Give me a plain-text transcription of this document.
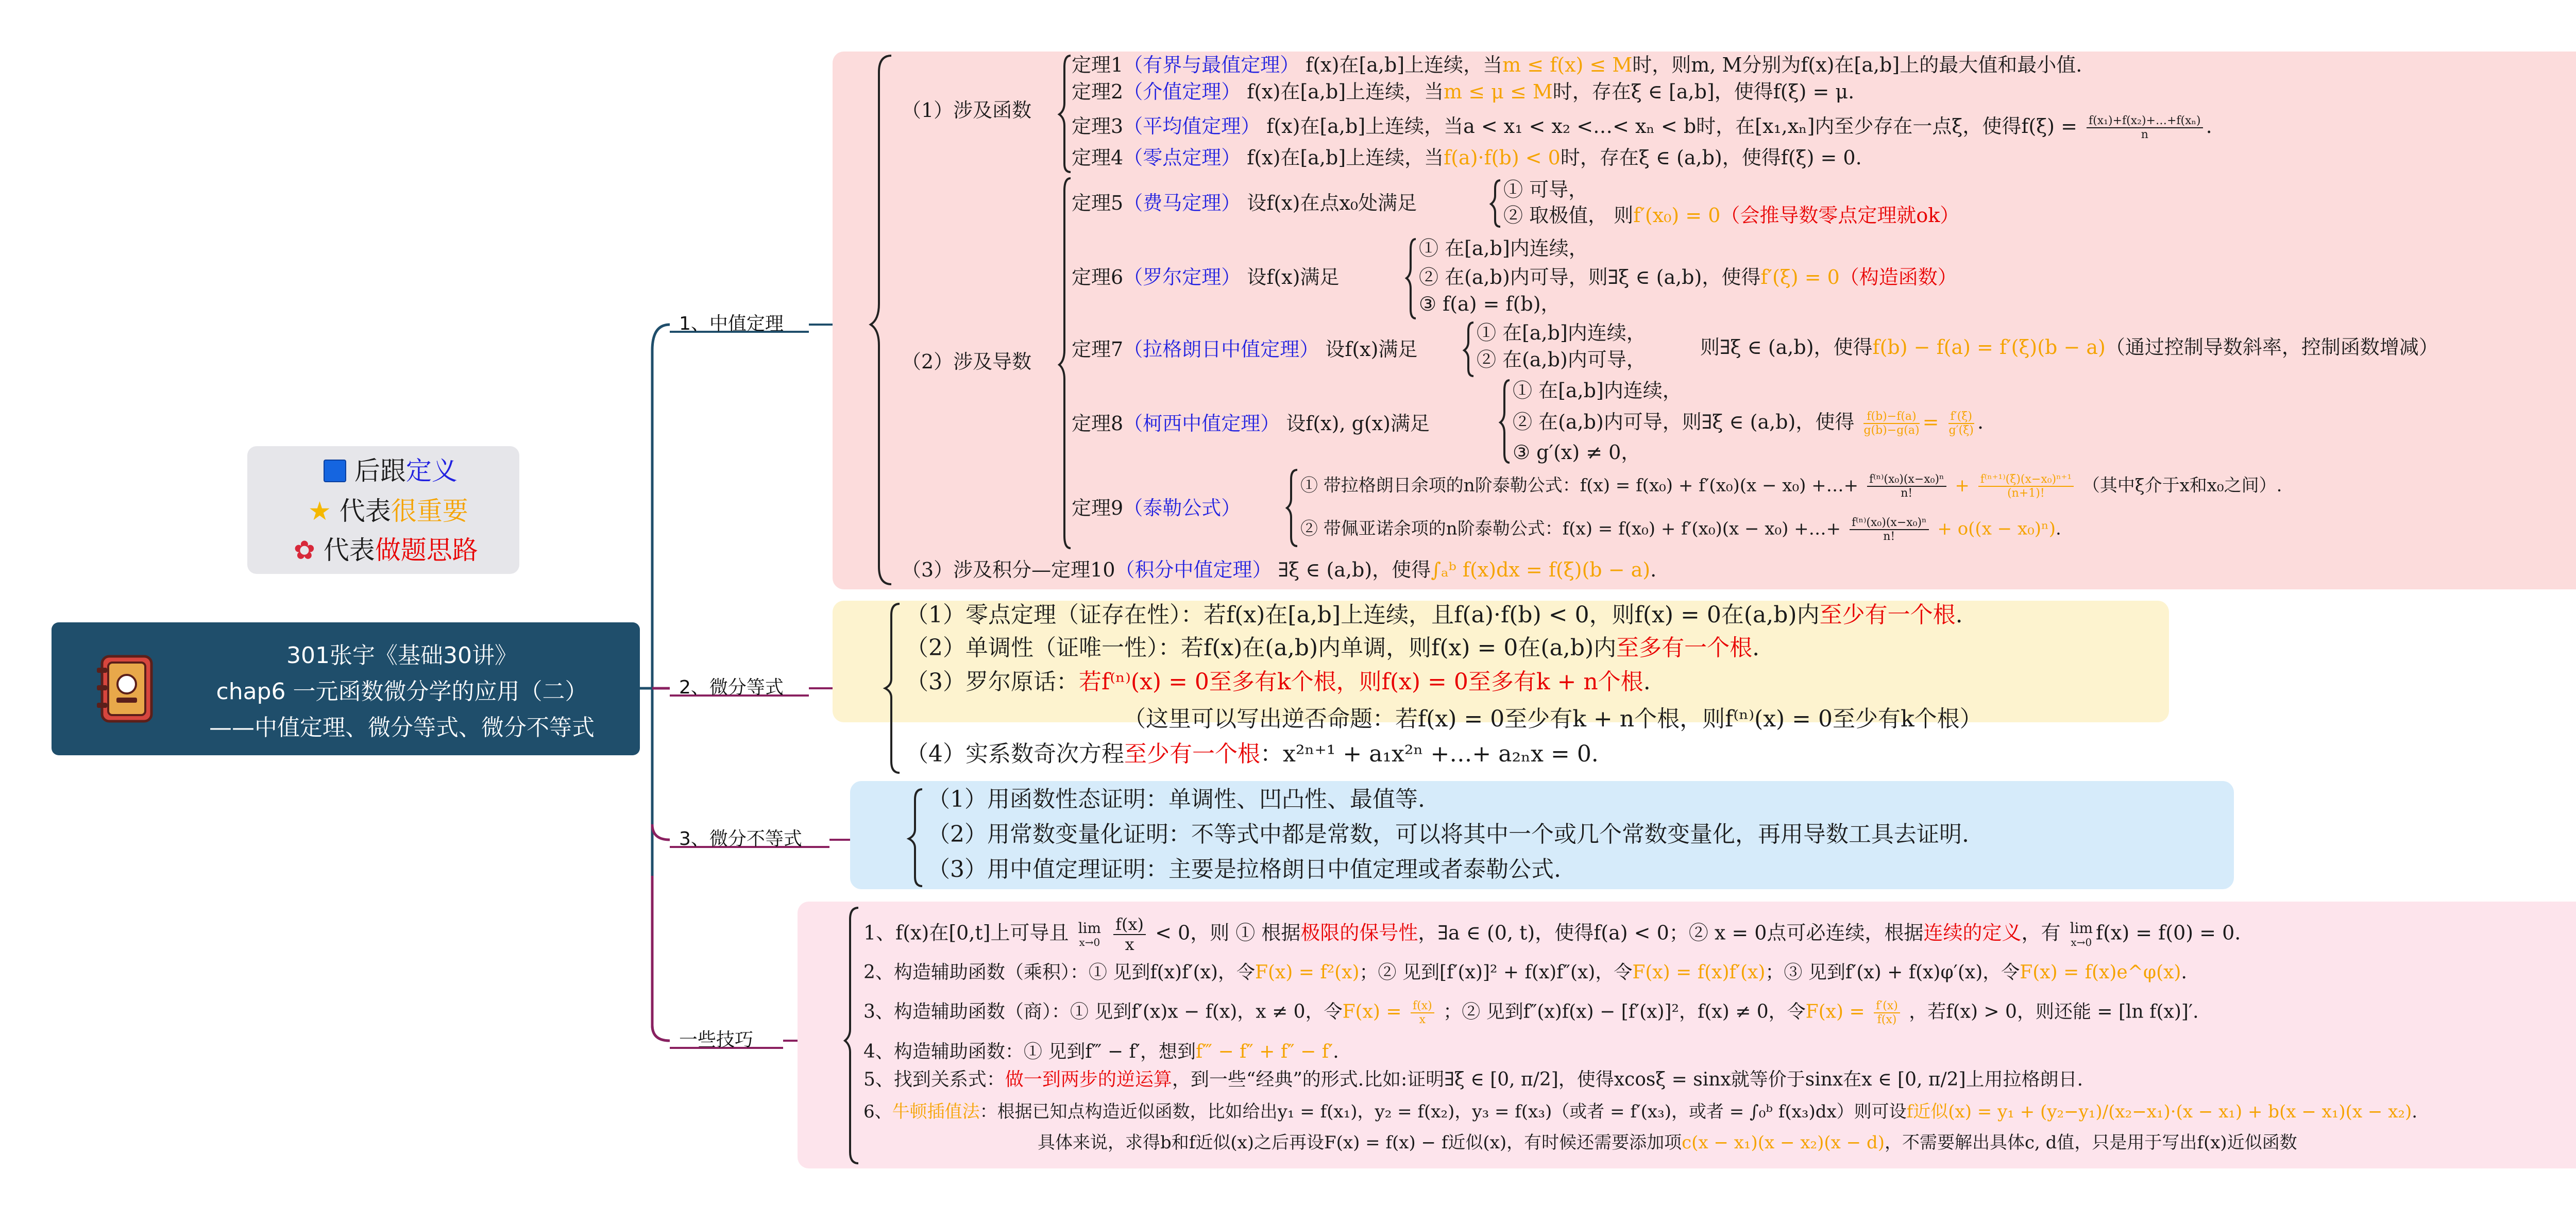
后跟定义
★ 代表很重要
✿ 代表做题思路
301张宇《基础30讲》
chap6 一元函数微分学的应用（二）
——中值定理、微分等式、微分不等式
1、中值定理
2、微分等式
3、微分不等式
一些技巧
（1）涉及函数
（2）涉及导数
定理1（有界与最值定理） f(x)在[a,b]上连续，当m ≤ f(x) ≤ M时，则m, M分别为f(x)在[a,b]上的最大值和最小值.
定理2（介值定理） f(x)在[a,b]上连续，当m ≤ μ ≤ M时，存在ξ ∈ [a,b]，使得f(ξ) = μ.
定理3（平均值定理） f(x)在[a,b]上连续，当a < x₁ < x₂ <…< xₙ < b时，在[x₁,xₙ]内至少存在一点ξ，使得$f(\xi) = \frac{\text{f(x₁)+f(x₂)+…+f(xₙ)}}{n}$ .
定理4（零点定理） f(x)在[a,b]上连续，当f(a)·f(b) < 0时，存在ξ ∈ (a,b)，使得f(ξ) = 0.
定理5（费马定理） 设f(x)在点x₀处满足
① 可导，
② 取极值， 则f′(x₀) = 0（会推导数零点定理就ok）
定理6（罗尔定理） 设f(x)满足
① 在[a,b]内连续，
② 在(a,b)内可导，则∃ξ ∈ (a,b)，使得f′(ξ) = 0（构造函数）
③ f(a) = f(b)，
定理7（拉格朗日中值定理） 设f(x)满足
① 在[a,b]内连续，
② 在(a,b)内可导，
则∃ξ ∈ (a,b)，使得f(b) − f(a) = f′(ξ)(b − a)（通过控制导数斜率，控制函数增减）
定理8（柯西中值定理） 设f(x), g(x)满足
① 在[a,b]内连续，
② 在(a,b)内可导，则∃ξ ∈ (a,b)，使得 $\frac{f(b)-f(a)}{g(b)-g(a)} = \frac{f'(\xi)}{g'(\xi)}$ .
③ g′(x) ≠ 0，
定理9（泰勒公式）
① 带拉格朗日余项的n阶泰勒公式：f(x) = f(x₀) + f′(x₀)(x − x₀) +…+ $\frac{\text{f⁽ⁿ⁾(x₀)(x−x₀)ⁿ}}{n!} + \frac{\text{f⁽ⁿ⁺¹⁾(ξ)(x−x₀)ⁿ⁺¹}}{(n+1)!}$ （其中ξ介于x和x₀之间）.
② 带佩亚诺余项的n阶泰勒公式：f(x) = f(x₀) + f′(x₀)(x − x₀) +…+ $\frac{\text{f⁽ⁿ⁾(x₀)(x−x₀)ⁿ}}{n!} + o((x - x_0)^n)$.
（3）涉及积分—定理10（积分中值定理） ∃ξ ∈ (a,b)，使得∫ₐᵇ f(x)dx = f(ξ)(b − a).
（1）零点定理（证存在性）：若f(x)在[a,b]上连续，且f(a)·f(b) < 0，则f(x) = 0在(a,b)内至少有一个根.
（2）单调性（证唯一性）：若f(x)在(a,b)内单调，则f(x) = 0在(a,b)内至多有一个根.
（3）罗尔原话：若f⁽ⁿ⁾(x) = 0至多有k个根，则f(x) = 0至多有k + n个根.
（这里可以写出逆否命题：若f(x) = 0至少有k + n个根，则f⁽ⁿ⁾(x) = 0至少有k个根）
（4）实系数奇次方程至少有一个根：x²ⁿ⁺¹ + a₁x²ⁿ +…+ a₂ₙx = 0.
（1）用函数性态证明：单调性、凹凸性、最值等.
（2）用常数变量化证明：不等式中都是常数，可以将其中一个或几个常数变量化，再用导数工具去证明.
（3）用中值定理证明：主要是拉格朗日中值定理或者泰勒公式.
1、f(x)在[0,t]上可导且 lim
x→0
$\frac{f(x)}{x} < 0$，则 ① 根据极限的保号性，∃a ∈ (0, t)，使得f(a) < 0；② x = 0点可必连续，根据连续的定义，有 lim
x→0 f(x) = f(0) = 0.
2、构造辅助函数（乘积）：① 见到f(x)f′(x)，令F(x) = f²(x)；② 见到[f′(x)]² + f(x)f″(x)，令F(x) = f(x)f′(x)；③ 见到f′(x) + f(x)φ′(x)，令F(x) = f(x)e^φ(x).
3、构造辅助函数（商）：① 见到f′(x)x − f(x)，x ≠ 0，令$F(x) = \frac{f(x)}{x}$ ；② 见到f″(x)f(x) − [f′(x)]²，f(x) ≠ 0，令$F(x) = \frac{f'(x)}{f(x)}$ ，若f(x) > 0，则还能 = [ln f(x)]′.
4、构造辅助函数：① 见到f‴ − f′，想到f‴ − f″ + f″ − f′.
5、找到关系式：做一到两步的逆运算，到一些“经典”的形式.比如:证明∃ξ ∈ [0, π/2]，使得xcosξ = sinx就等价于sinx在x ∈ [0, π/2]上用拉格朗日.
6、牛顿插值法：根据已知点构造近似函数，比如给出y₁ = f(x₁)，y₂ = f(x₂)，y₃ = f(x₃)（或者 = f′(x₃)，或者 = ∫₀ᵇ f(x₃)dx）则可设f近似(x) = y₁ + (y₂−y₁)/(x₂−x₁)·(x − x₁) + b(x − x₁)(x − x₂).
具体来说，求得b和f近似(x)之后再设F(x) = f(x) − f近似(x)，有时候还需要添加项c(x − x₁)(x − x₂)(x − d)，不需要解出具体c, d值，只是用于写出f(x)近似函数
